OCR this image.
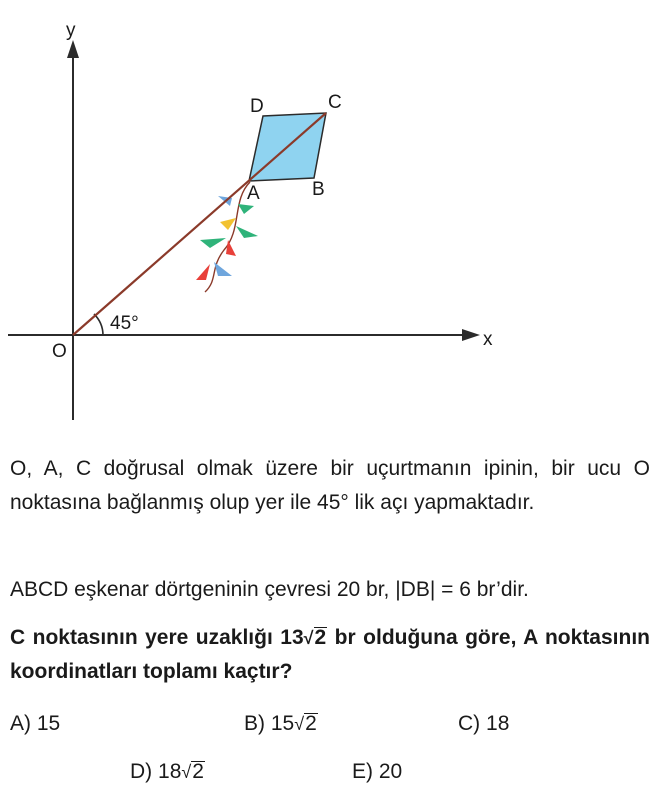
y
x
O
45°
A	B
C
D
O, A, C doğrusal olmak üzere bir uçurtmanın ipinin, bir ucu O noktasına bağlanmış olup yer ile 45° lik açı yapmaktadır.
ABCD eşkenar dörtgeninin çevresi 20 br, |DB| = 6 br’dir.
C noktasının yere uzaklığı 13√2 br olduğuna göre, A noktasının koordinatları toplamı kaçtır?
A) 15	B) 15√2	C) 18
D) 18√2	E) 20
